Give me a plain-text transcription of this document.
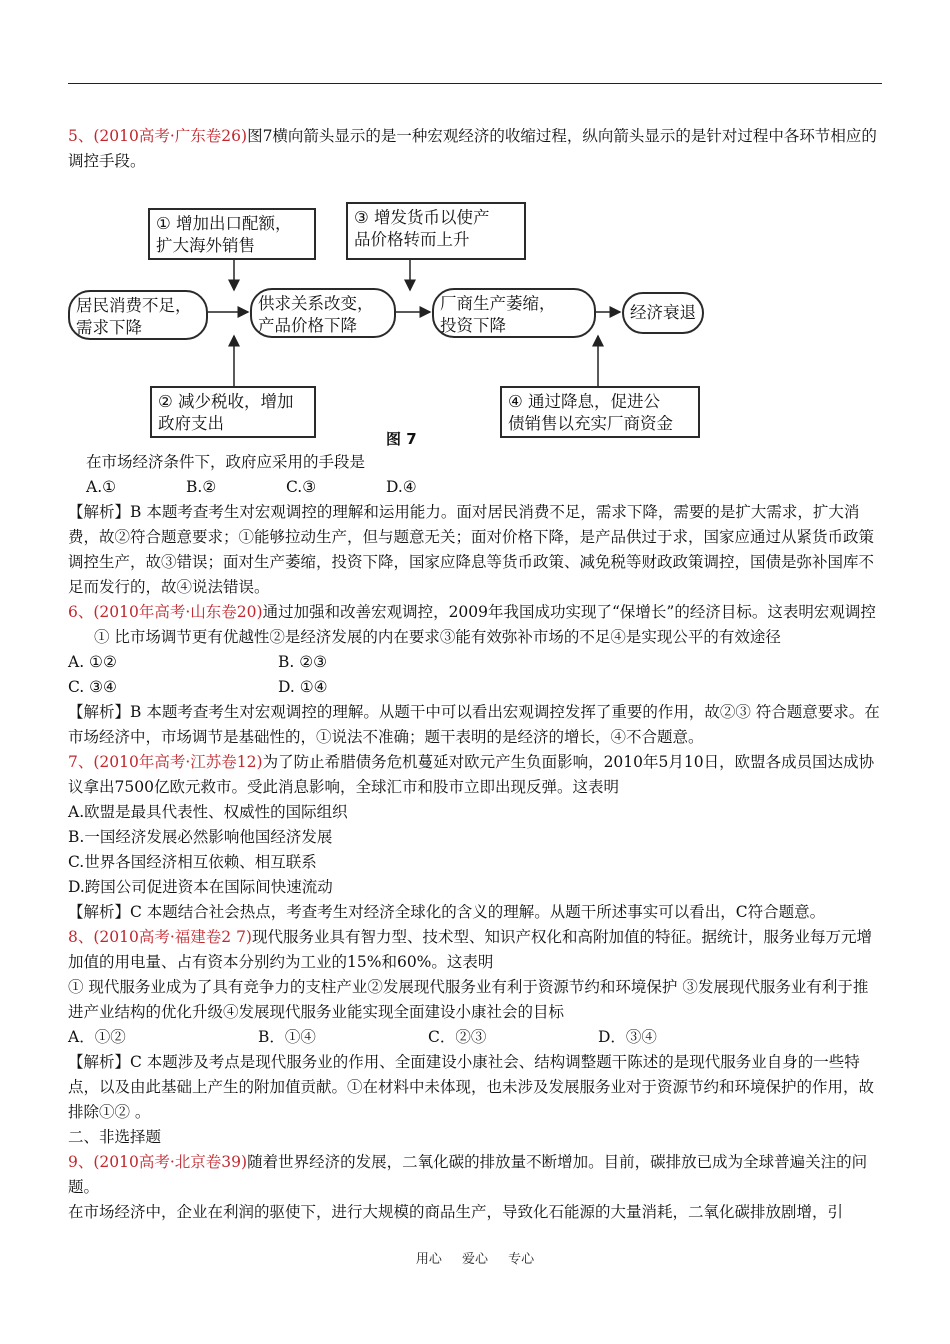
5、(2010高考·广东卷26)图7横向箭头显示的是一种宏观经济的收缩过程，纵向箭头显示的是针对过程中各环节相应的调控手段。

① 增加出口配额，
扩大海外销售
③ 增发货币以使产
品价格转而上升
居民消费不足，
需求下降
供求关系改变，
产品价格下降
厂商生产萎缩，
投资下降
经济衰退
② 减少税收，增加
政府支出
④ 通过降息，促进公
债销售以充实厂商资金
图 7

在市场经济条件下，政府应采用的手段是

A.①	B.②	C.③	D.④

【解析】B 本题考查考生对宏观调控的理解和运用能力。面对居民消费不足，需求下降，需要的是扩大需求，扩大消费，故②符合题意要求；①能够拉动生产，但与题意无关；面对价格下降，是产品供过于求，国家应通过从紧货币政策调控生产，故③错误；面对生产萎缩，投资下降，国家应降息等货币政策、减免税等财政政策调控，国债是弥补国库不足而发行的，故④说法错误。

6、(2010年高考·山东卷20)通过加强和改善宏观调控，2009年我国成功实现了“保增长”的经济目标。这表明宏观调控

① 比市场调节更有优越性②是经济发展的内在要求③能有效弥补市场的不足④是实现公平的有效途径

A. ①②	B. ②③

C. ③④	D. ①④

【解析】B 本题考查考生对宏观调控的理解。从题干中可以看出宏观调控发挥了重要的作用，故②③ 符合题意要求。在市场经济中，市场调节是基础性的，①说法不准确；题干表明的是经济的增长，④不合题意。

7、(2010年高考·江苏卷12)为了防止希腊债务危机蔓延对欧元产生负面影响，2010年5月10日，欧盟各成员国达成协议拿出7500亿欧元救市。受此消息影响，全球汇市和股市立即出现反弹。这表明

A.欧盟是最具代表性、权威性的国际组织

B.一国经济发展必然影响他国经济发展

C.世界各国经济相互依赖、相互联系

D.跨国公司促进资本在国际间快速流动

【解析】C 本题结合社会热点，考查考生对经济全球化的含义的理解。从题干所述事实可以看出，C符合题意。

8、(2010高考·福建卷2 7)现代服务业具有智力型、技术型、知识产权化和高附加值的特征。据统计，服务业每万元增加值的用电量、占有资本分别约为工业的15%和60%。这表明

① 现代服务业成为了具有竞争力的支柱产业②发展现代服务业有利于资源节约和环境保护 ③发展现代服务业有利于推进产业结构的优化升级④发展现代服务业能实现全面建设小康社会的目标

A．①②	B．①④	C．②③	D．③④

【解析】C 本题涉及考点是现代服务业的作用、全面建设小康社会、结构调整题干陈述的是现代服务业自身的一些特点，以及由此基础上产生的附加值贡献。①在材料中未体现，也未涉及发展服务业对于资源节约和环境保护的作用，故排除①② 。

二、非选择题

9、(2010高考·北京卷39)随着世界经济的发展，二氧化碳的排放量不断增加。目前，碳排放已成为全球普遍关注的问题。

在市场经济中，企业在利润的驱使下，进行大规模的商品生产，导致化石能源的大量消耗，二氧化碳排放剧增，引

用心 爱心 专心
